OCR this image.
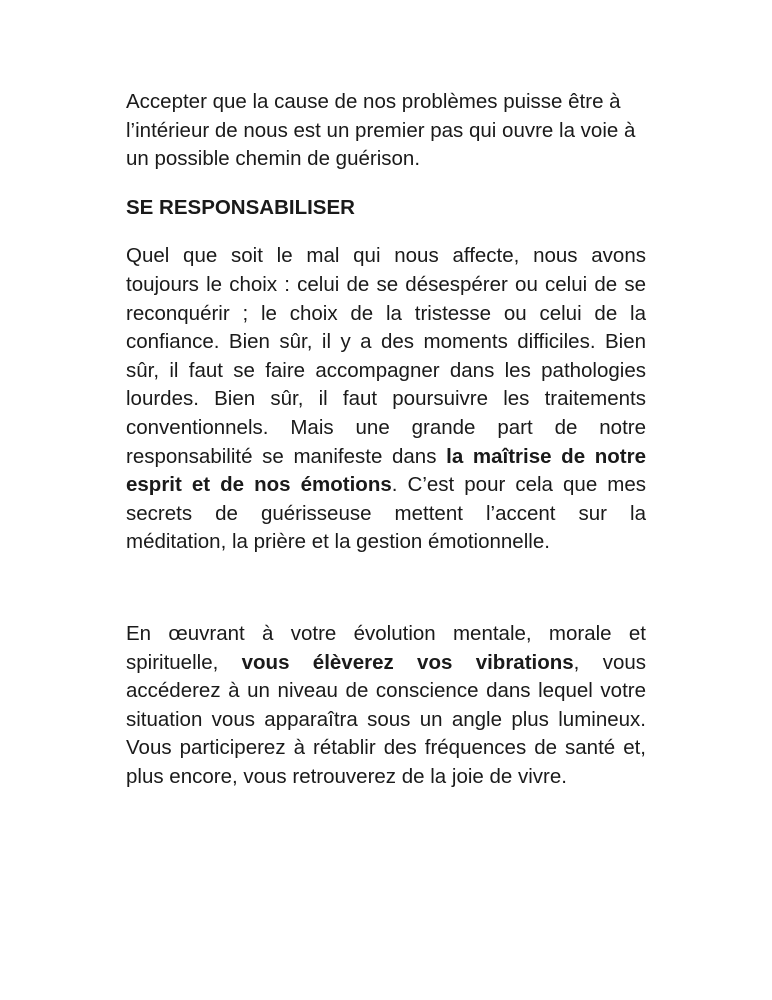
Accepter que la cause de nos problèmes puisse être à l’intérieur de nous est un premier pas qui ouvre la voie à un possible chemin de guérison.

SE RESPONSABILISER

Quel que soit le mal qui nous affecte, nous avons toujours le choix : celui de se désespérer ou celui de se reconquérir ; le choix de la tristesse ou celui de la confiance. Bien sûr, il y a des moments difficiles. Bien sûr, il faut se faire accompagner dans les pathologies lourdes. Bien sûr, il faut poursuivre les traitements conventionnels. Mais une grande part de notre responsabilité se manifeste dans la maîtrise de notre esprit et de nos émotions. C’est pour cela que mes secrets de guérisseuse mettent l’accent sur la méditation, la prière et la gestion émotionnelle.

En œuvrant à votre évolution mentale, morale et spirituelle, vous élèverez vos vibrations, vous accéderez à un niveau de conscience dans lequel votre situation vous apparaîtra sous un angle plus lumineux. Vous participerez à rétablir des fréquences de santé et, plus encore, vous retrouverez de la joie de vivre.
